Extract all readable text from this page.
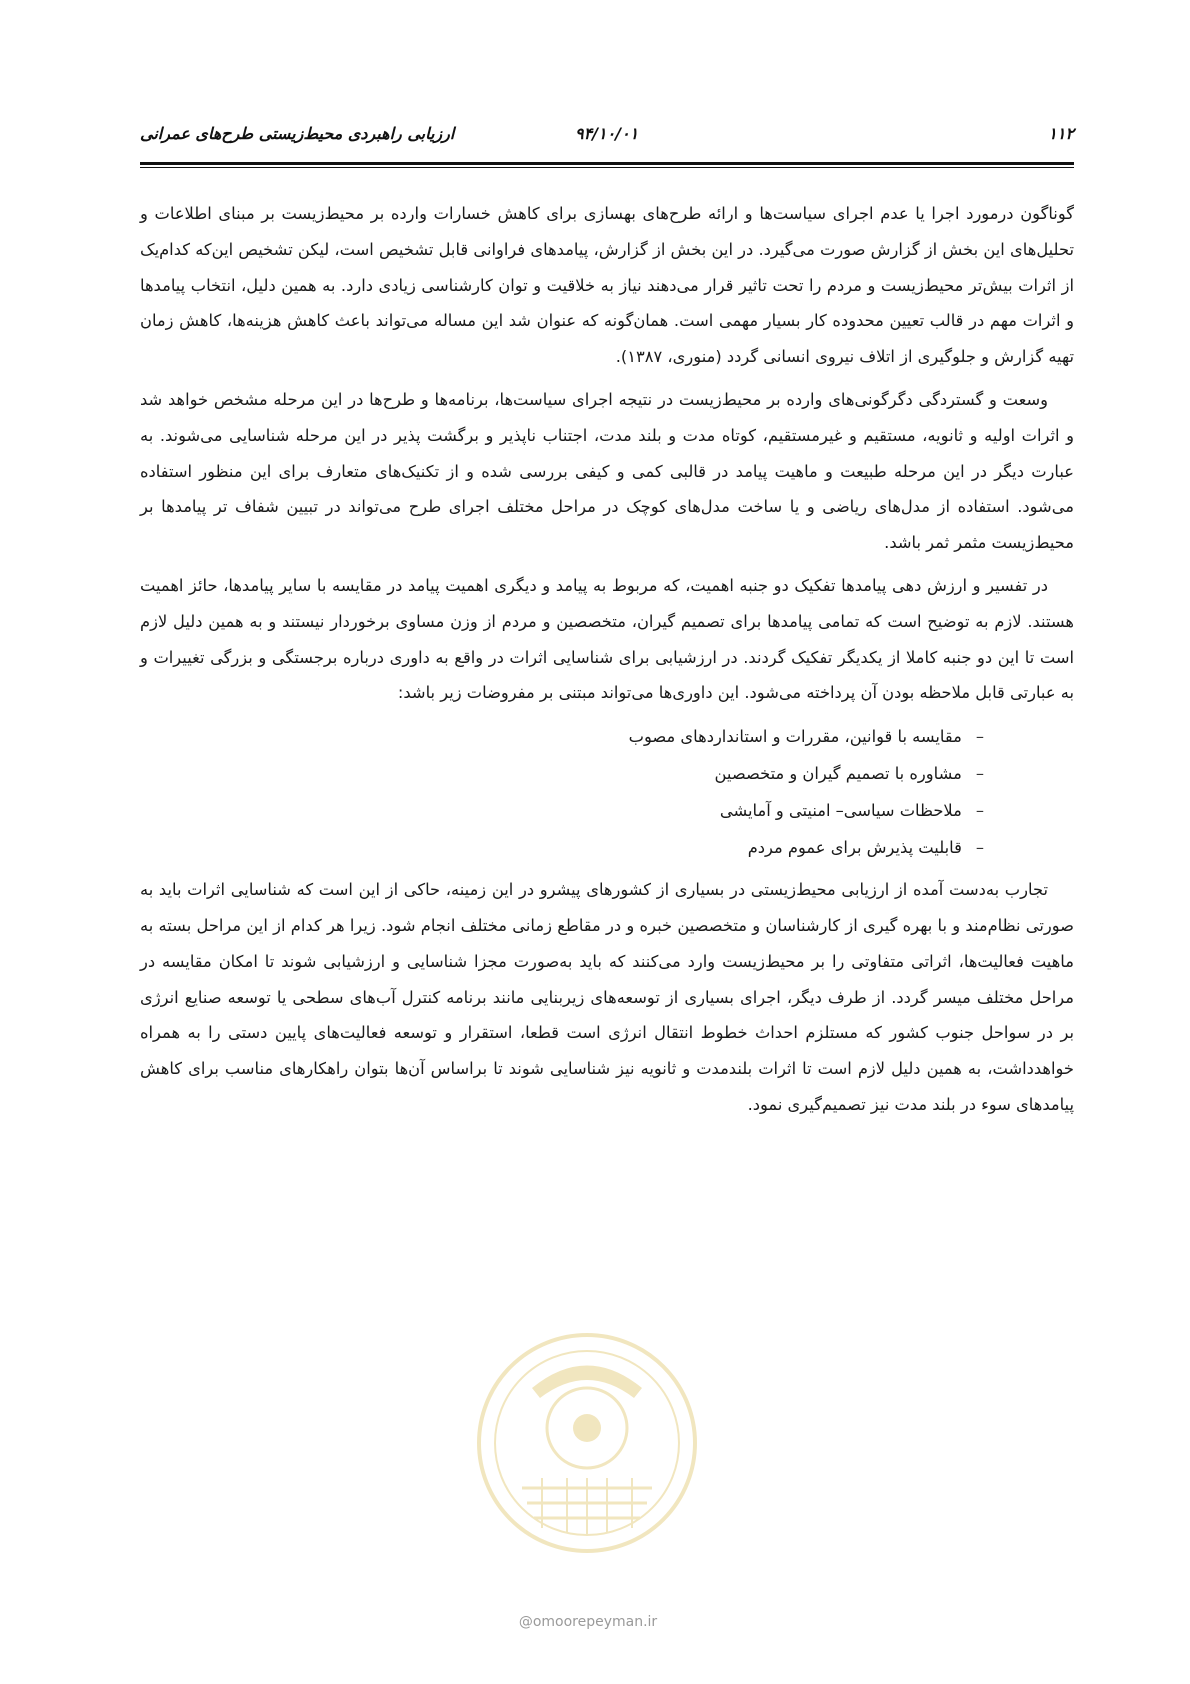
ارزیابی راهبردی محیط‌زیستی طرح‌های عمرانی	۹۴/۱۰/۰۱	۱۱۲

گوناگون درمورد اجرا یا عدم اجرای سیاست‌ها و ارائه طرح‌های بهسازی برای کاهش خسارات وارده بر محیط‌زیست بر مبنای اطلاعات و تحلیل‌های این بخش از گزارش صورت می‌گیرد. در این بخش از گزارش، پیامدهای فراوانی قابل تشخیص است، لیکن تشخیص این‌که کدام‌یک از اثرات بیش‌تر محیط‌زیست و مردم را تحت تاثیر قرار می‌دهند نیاز به خلاقیت و توان کارشناسی زیادی دارد. به همین دلیل، انتخاب پیامدها و اثرات مهم در قالب تعیین محدوده کار بسیار مهمی است. همان‌گونه که عنوان شد این مساله می‌تواند باعث کاهش هزینه‌ها، کاهش زمان تهیه گزارش و جلوگیری از اتلاف نیروی انسانی گردد (منوری، ۱۳۸۷).

وسعت و گستردگی دگرگونی‌های وارده بر محیط‌زیست در نتیجه اجرای سیاست‌ها، برنامه‌ها و طرح‌ها در این مرحله مشخص خواهد شد و اثرات اولیه و ثانویه، مستقیم و غیرمستقیم، کوتاه مدت و بلند مدت، اجتناب ناپذیر و برگشت پذیر در این مرحله شناسایی می‌شوند. به عبارت دیگر در این مرحله طبیعت و ماهیت پیامد در قالبی کمی و کیفی بررسی شده و از تکنیک‌های متعارف برای این منظور استفاده می‌شود. استفاده از مدل‌های ریاضی و یا ساخت مدل‌های کوچک در مراحل مختلف اجرای طرح می‌تواند در تبیین شفاف تر پیامدها بر محیط‌زیست مثمر ثمر باشد.

در تفسیر و ارزش دهی پیامدها تفکیک دو جنبه اهمیت، که مربوط به پیامد و دیگری اهمیت پیامد در مقایسه با سایر پیامدها، حائز اهمیت هستند. لازم به توضیح است که تمامی پیامدها برای تصمیم گیران، متخصصین و مردم از وزن مساوی برخوردار نیستند و به همین دلیل لازم است تا این دو جنبه کاملا از یکدیگر تفکیک گردند. در ارزشیابی برای شناسایی اثرات در واقع به داوری درباره برجستگی و بزرگی تغییرات و به عبارتی قابل ملاحظه بودن آن پرداخته می‌شود. این داوری‌ها می‌تواند مبتنی بر مفروضات زیر باشد:

–مقایسه با قوانین، مقررات و استانداردهای مصوب
–مشاوره با تصمیم گیران و متخصصین
–ملاحظات سیاسی– امنیتی و آمایشی
–قابلیت پذیرش برای عموم مردم

تجارب به‌دست آمده از ارزیابی محیط‌زیستی در بسیاری از کشورهای پیشرو در این زمینه، حاکی از این است که شناسایی اثرات باید به صورتی نظام‌مند و با بهره گیری از کارشناسان و متخصصین خبره و در مقاطع زمانی مختلف انجام شود. زیرا هر کدام از این مراحل بسته به ماهیت فعالیت‌ها، اثراتی متفاوتی را بر محیط‌زیست وارد می‌کنند که باید به‌صورت مجزا شناسایی و ارزشیابی شوند تا امکان مقایسه در مراحل مختلف میسر گردد. از طرف دیگر، اجرای بسیاری از توسعه‌های زیربنایی مانند برنامه کنترل آب‌های سطحی یا توسعه صنایع انرژی بر در سواحل جنوب کشور که مستلزم احداث خطوط انتقال انرژی است قطعا، استقرار و توسعه فعالیت‌های پایین دستی را به همراه خواهدداشت، به همین دلیل لازم است تا اثرات بلندمدت و ثانویه نیز شناسایی شوند تا براساس آن‌ها بتوان راهکارهای مناسب برای کاهش پیامدهای سوء در بلند مدت نیز تصمیم‌گیری نمود.

@omoorepeyman.ir
